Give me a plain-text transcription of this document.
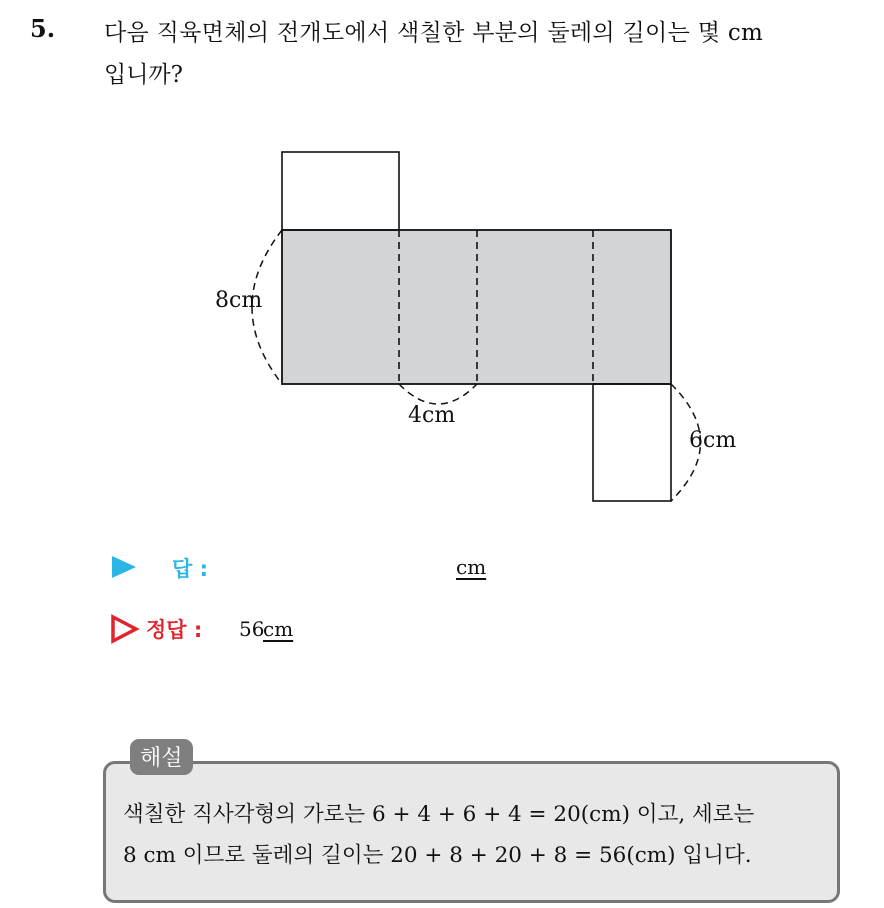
5. 다음 직육면체의 전개도에서 색칠한 부분의 둘레의 길이는 몇 cm
입니까?
8cm
4cm
6cm
답 :	cm
정답 : 56
cm
해설
색칠한 직사각형의 가로는 6 + 4 + 6 + 4 = 20(cm) 이고, 세로는
8 cm 이므로 둘레의 길이는 20 + 8 + 20 + 8 = 56(cm) 입니다.
